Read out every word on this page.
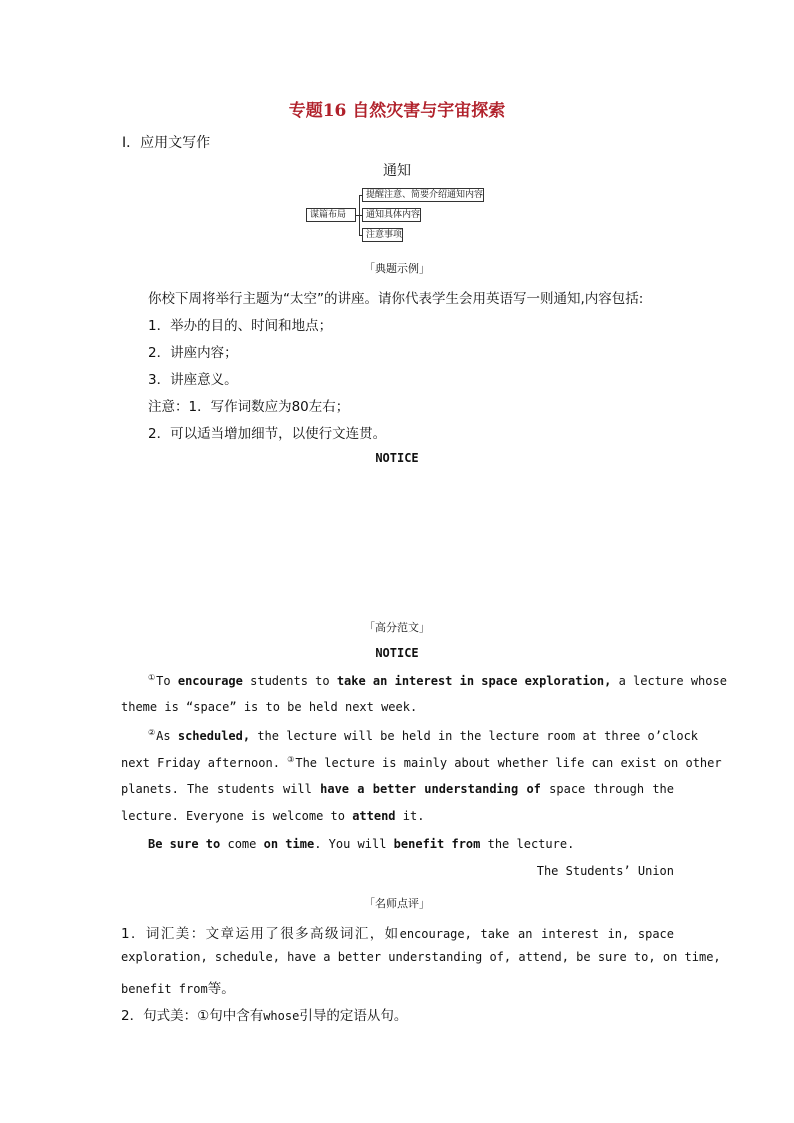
专题16 自然灾害与宇宙探索
Ⅰ．应用文写作
通知
谋篇布局
提醒注意、简要介绍通知内容
通知具体内容
注意事项
「典题示例」
你校下周将举行主题为“太空”的讲座。请你代表学生会用英语写一则通知,内容包括:
1．举办的目的、时间和地点；
2．讲座内容；
3．讲座意义。
注意：1．写作词数应为80左右；
2．可以适当增加细节，以使行文连贯。
NOTICE
「高分范文」
NOTICE
①To encourage students to take an interest in space exploration, a lecture whose
theme is “space” is to be held next week.
②As scheduled, the lecture will be held in the lecture room at three o’clock
next Friday afternoon. ③The lecture is mainly about whether life can exist on other
planets. The students will have a better understanding of space through the
lecture. Everyone is welcome to attend it.
Be sure to come on time. You will benefit from the lecture.
The Students’ Union
「名师点评」
1．词汇美：文章运用了很多高级词汇，如encourage, take an interest in, space
exploration, schedule, have a better understanding of, attend, be sure to, on time,
benefit from等。
2．句式美：①句中含有whose引导的定语从句。
